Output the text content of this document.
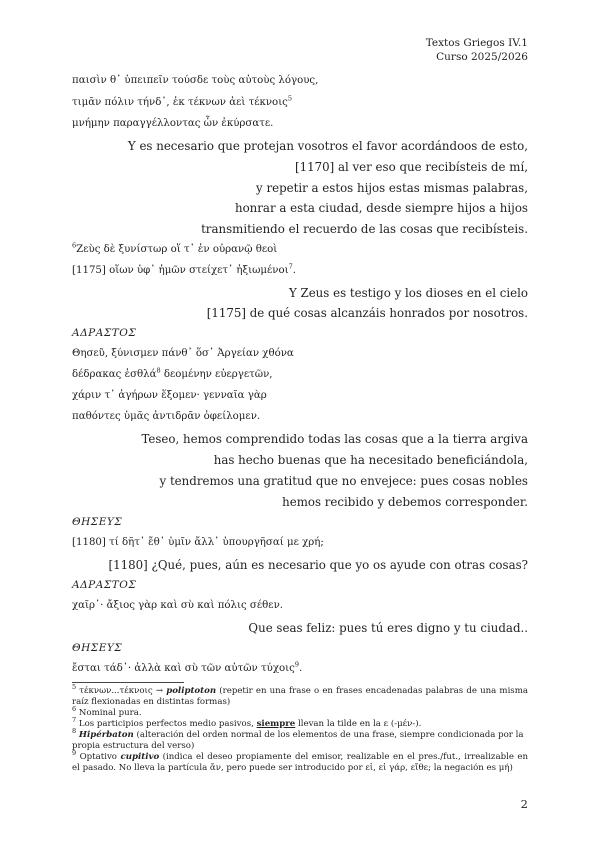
Textos Griegos IV.1
Curso 2025/2026
παισὶν θ᾽ ὑπειπεῖν τούσδε τοὺς αὐτοὺς λόγους,
τιμᾶν πόλιν τήνδ᾽, ἐκ τέκνων ἀεὶ τέκνοις$^5$
μνήμην παραγγέλλοντας ὧν ἐκύρσατε.
Y es necesario que protejan vosotros el favor acordándoos de esto,
[1170] al ver eso que recibísteis de mí,
y repetir a estos hijos estas mismas palabras,
honrar a esta ciudad, desde siempre hijos a hijos
transmitiendo el recuerdo de las cosas que recibísteis.
$^6$Ζεὺς δὲ ξυνίστωρ οἵ τ᾽ ἐν οὐρανῷ θεοὶ
[1175] οἵων ὑφ᾽ ἡμῶν στείχετ᾽ ἠξιωμένοι$^7$.
Y Zeus es testigo y los dioses en el cielo
[1175] de qué cosas alcanzáis honrados por nosotros.
ΑΔΡΑΣΤΟΣ
Θησεῦ, ξύνισμεν πάνθ᾽ ὅσ᾽ Ἀργείαν χθόνα
δέδρακας ἐσθλά$^8$ δεομένην εὐεργετῶν,
χάριν τ᾽ ἀγήρων ἕξομεν· γενναῖα γὰρ
παθόντες ὑμᾶς ἀντιδρᾶν ὀφείλομεν.
Teseo, hemos comprendido todas las cosas que a la tierra argiva
has hecho buenas que ha necesitado beneficiándola,
y tendremos una gratitud que no envejece: pues cosas nobles
hemos recibido y debemos corresponder.
ΘΗΣΕΥΣ
[1180] τί δῆτ᾽ ἔθ᾽ ὑμῖν ἄλλ᾽ ὑπουργῆσαί με χρή;
[1180] ¿Qué, pues, aún es necesario que yo os ayude con otras cosas?
ΑΔΡΑΣΤΟΣ
χαῖρ᾽· ἄξιος γὰρ καὶ σὺ καὶ πόλις σέθεν.
Que seas feliz: pues tú eres digno y tu ciudad..
ΘΗΣΕΥΣ
ἔσται τάδ᾽· ἀλλὰ καὶ σὺ τῶν αὐτῶν τύχοις$^9$.
$^5$ τέκνων...τέκνοις → poliptoton (repetir en una frase o en frases encadenadas palabras de una misma raíz flexionadas en distintas formas)
$^6$ Nominal pura.
$^7$ Los participios perfectos medio pasivos, siempre llevan la tilde en la ε (-μέν‐).
$^8$ Hipérbaton (alteración del orden normal de los elementos de una frase, siempre condicionada por la propia estructura del verso)
$^9$ Optativo cupitivo (indica el deseo propiamente del emisor, realizable en el pres./fut., irrealizable en el pasado. No lleva la partícula ἄν, pero puede ser introducido por εἰ, εἰ γάρ, εἴθε; la negación es μή)
2
